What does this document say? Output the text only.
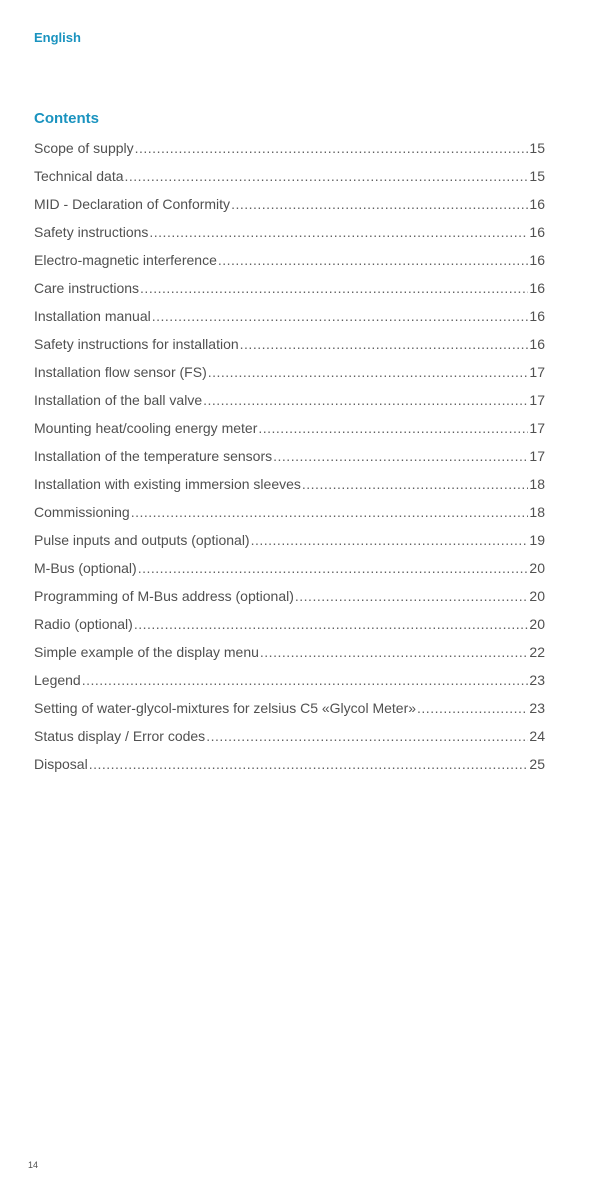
English

Contents
Scope of supply .....	15
Technical data .....	15
MID - Declaration of Conformity .....	16
Safety instructions .....	16
Electro-magnetic interference .....	16
Care instructions .....	16
Installation manual .....	16
Safety instructions for installation .....	16
Installation flow sensor (FS) .....	17
Installation of the ball valve .....	17
Mounting heat/cooling energy meter .....	17
Installation of the temperature sensors .....	17
Installation with existing immersion sleeves .....	18
Commissioning .....	18
Pulse inputs and outputs (optional) .....	19
M-Bus (optional) .....	20
Programming of M-Bus address (optional) .....	20
Radio (optional) .....	20
Simple example of the display menu .....	22
Legend .....	23
Setting of water-glycol-mixtures for zelsius C5 «Glycol Meter» .....	23
Status display / Error codes .....	24
Disposal .....	25

14
